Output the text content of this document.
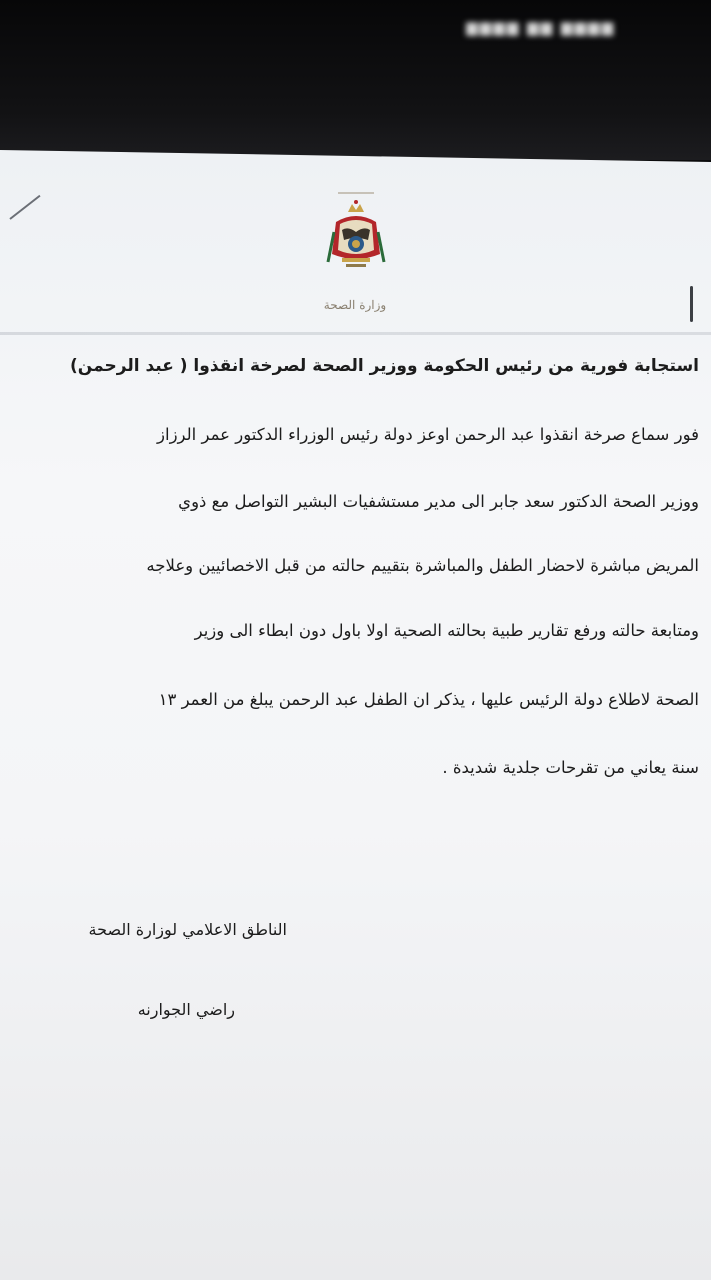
▆▆▆▆ ▆▆ ▆▆▆▆
وزارة الصحة
استجابة فورية من رئيس الحكومة ووزير الصحة لصرخة انقذوا ( عبد الرحمن)
فور سماع صرخة انقذوا عبد الرحمن اوعز دولة رئيس الوزراء الدكتور عمر الرزاز
ووزير الصحة الدكتور سعد جابر الى مدير مستشفيات البشير التواصل مع ذوي
المريض مباشرة لاحضار الطفل والمباشرة بتقييم حالته من قبل الاخصائيين وعلاجه
ومتابعة حالته ورفع تقارير طبية بحالته الصحية اولا باول دون ابطاء الى وزير
الصحة لاطلاع دولة الرئيس عليها ، يذكر ان الطفل عبد الرحمن يبلغ من العمر ١٣
سنة يعاني من تقرحات جلدية شديدة .
الناطق الاعلامي لوزارة الصحة
راضي الجوارنه
